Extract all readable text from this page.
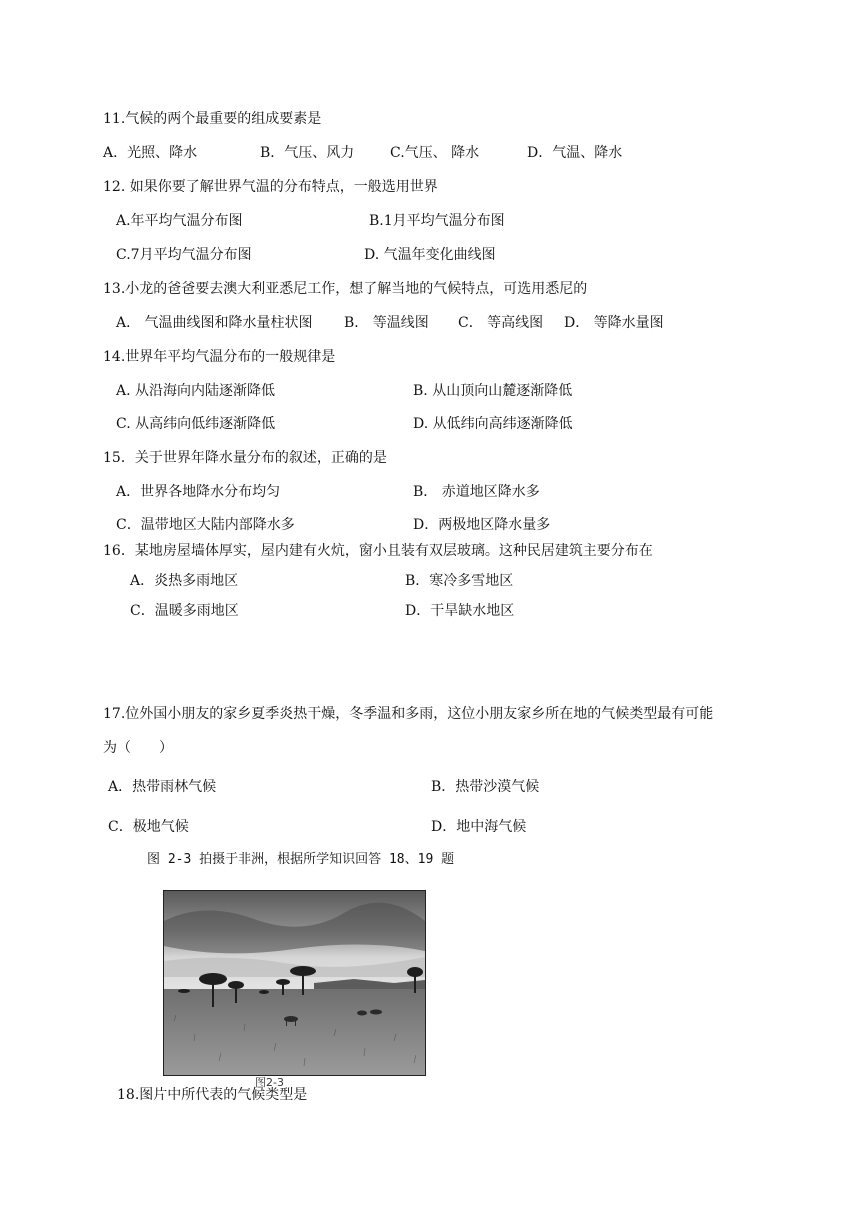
11.气候的两个最重要的组成要素是
A．光照、降水	B．气压、风力	C.气压、 降水	D．气温、降水
12. 如果你要了解世界气温的分布特点，一般选用世界
A.年平均气温分布图	B.1月平均气温分布图
C.7月平均气温分布图	D. 气温年变化曲线图
13.小龙的爸爸要去澳大利亚悉尼工作，想了解当地的气候特点，可选用悉尼的
A． 气温曲线图和降水量柱状图 B． 等温线图 C． 等高线图 D． 等降水量图
14.世界年平均气温分布的一般规律是
A. 从沿海向内陆逐渐降低	B. 从山顶向山麓逐渐降低
C. 从高纬向低纬逐渐降低	D. 从低纬向高纬逐渐降低
15．关于世界年降水量分布的叙述，正确的是
A．世界各地降水分布均匀	B． 赤道地区降水多
C．温带地区大陆内部降水多	D．两极地区降水量多
16．某地房屋墙体厚实，屋内建有火炕，窗小且装有双层玻璃。这种民居建筑主要分布在
A．炎热多雨地区	B．寒冷多雪地区
C．温暖多雨地区	D．干旱缺水地区
17.位外国小朋友的家乡夏季炎热干燥，冬季温和多雨，这位小朋友家乡所在地的气候类型最有可能
为（　　）
A．热带雨林气候	B．热带沙漠气候
C．极地气候	D．地中海气候
图 2-3 拍摄于非洲，根据所学知识回答 18、19 题
图2-3
18.图片中所代表的气候类型是
